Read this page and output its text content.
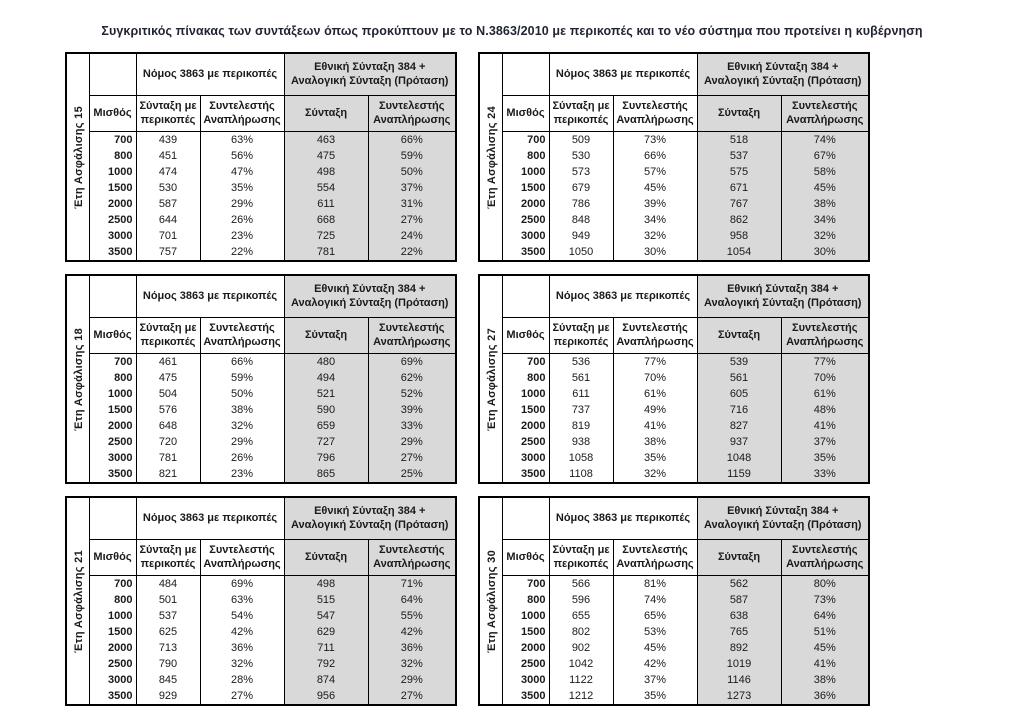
Συγκριτικός πίνακας των συντάξεων όπως προκύπτουν με το Ν.3863/2010 με περικοπές και το νέο σύστημα που προτείνει η κυβέρνηση
Έτη Ασφάλισης 15		Νόμος 3863 με περικοπές		Εθνική Σύνταξη 384 + Αναλογική Σύνταξη (Πρόταση)	
	Μισθός	Σύνταξη με περικοπές	Συντελεστής Αναπλήρωσης	Σύνταξη	Συντελεστής Αναπλήρωσης
	700	439	63%	463	66%
	800	451	56%	475	59%
	1000	474	47%	498	50%
	1500	530	35%	554	37%
	2000	587	29%	611	31%
	2500	644	26%	668	27%
	3000	701	23%	725	24%
	3500	757	22%	781	22%
Έτη Ασφάλισης 24		Νόμος 3863 με περικοπές		Εθνική Σύνταξη 384 + Αναλογική Σύνταξη (Πρόταση)	
	Μισθός	Σύνταξη με περικοπές	Συντελεστής Αναπλήρωσης	Σύνταξη	Συντελεστής Αναπλήρωσης
	700	509	73%	518	74%
	800	530	66%	537	67%
	1000	573	57%	575	58%
	1500	679	45%	671	45%
	2000	786	39%	767	38%
	2500	848	34%	862	34%
	3000	949	32%	958	32%
	3500	1050	30%	1054	30%
Έτη Ασφάλισης 18		Νόμος 3863 με περικοπές		Εθνική Σύνταξη 384 + Αναλογική Σύνταξη (Πρόταση)	
	Μισθός	Σύνταξη με περικοπές	Συντελεστής Αναπλήρωσης	Σύνταξη	Συντελεστής Αναπλήρωσης
	700	461	66%	480	69%
	800	475	59%	494	62%
	1000	504	50%	521	52%
	1500	576	38%	590	39%
	2000	648	32%	659	33%
	2500	720	29%	727	29%
	3000	781	26%	796	27%
	3500	821	23%	865	25%
Έτη Ασφάλισης 27		Νόμος 3863 με περικοπές		Εθνική Σύνταξη 384 + Αναλογική Σύνταξη (Πρόταση)	
	Μισθός	Σύνταξη με περικοπές	Συντελεστής Αναπλήρωσης	Σύνταξη	Συντελεστής Αναπλήρωσης
	700	536	77%	539	77%
	800	561	70%	561	70%
	1000	611	61%	605	61%
	1500	737	49%	716	48%
	2000	819	41%	827	41%
	2500	938	38%	937	37%
	3000	1058	35%	1048	35%
	3500	1108	32%	1159	33%
Έτη Ασφάλισης 21		Νόμος 3863 με περικοπές		Εθνική Σύνταξη 384 + Αναλογική Σύνταξη (Πρόταση)	
	Μισθός	Σύνταξη με περικοπές	Συντελεστής Αναπλήρωσης	Σύνταξη	Συντελεστής Αναπλήρωσης
	700	484	69%	498	71%
	800	501	63%	515	64%
	1000	537	54%	547	55%
	1500	625	42%	629	42%
	2000	713	36%	711	36%
	2500	790	32%	792	32%
	3000	845	28%	874	29%
	3500	929	27%	956	27%
Έτη Ασφάλισης 30		Νόμος 3863 με περικοπές		Εθνική Σύνταξη 384 + Αναλογική Σύνταξη (Πρόταση)	
	Μισθός	Σύνταξη με περικοπές	Συντελεστής Αναπλήρωσης	Σύνταξη	Συντελεστής Αναπλήρωσης
	700	566	81%	562	80%
	800	596	74%	587	73%
	1000	655	65%	638	64%
	1500	802	53%	765	51%
	2000	902	45%	892	45%
	2500	1042	42%	1019	41%
	3000	1122	37%	1146	38%
	3500	1212	35%	1273	36%
